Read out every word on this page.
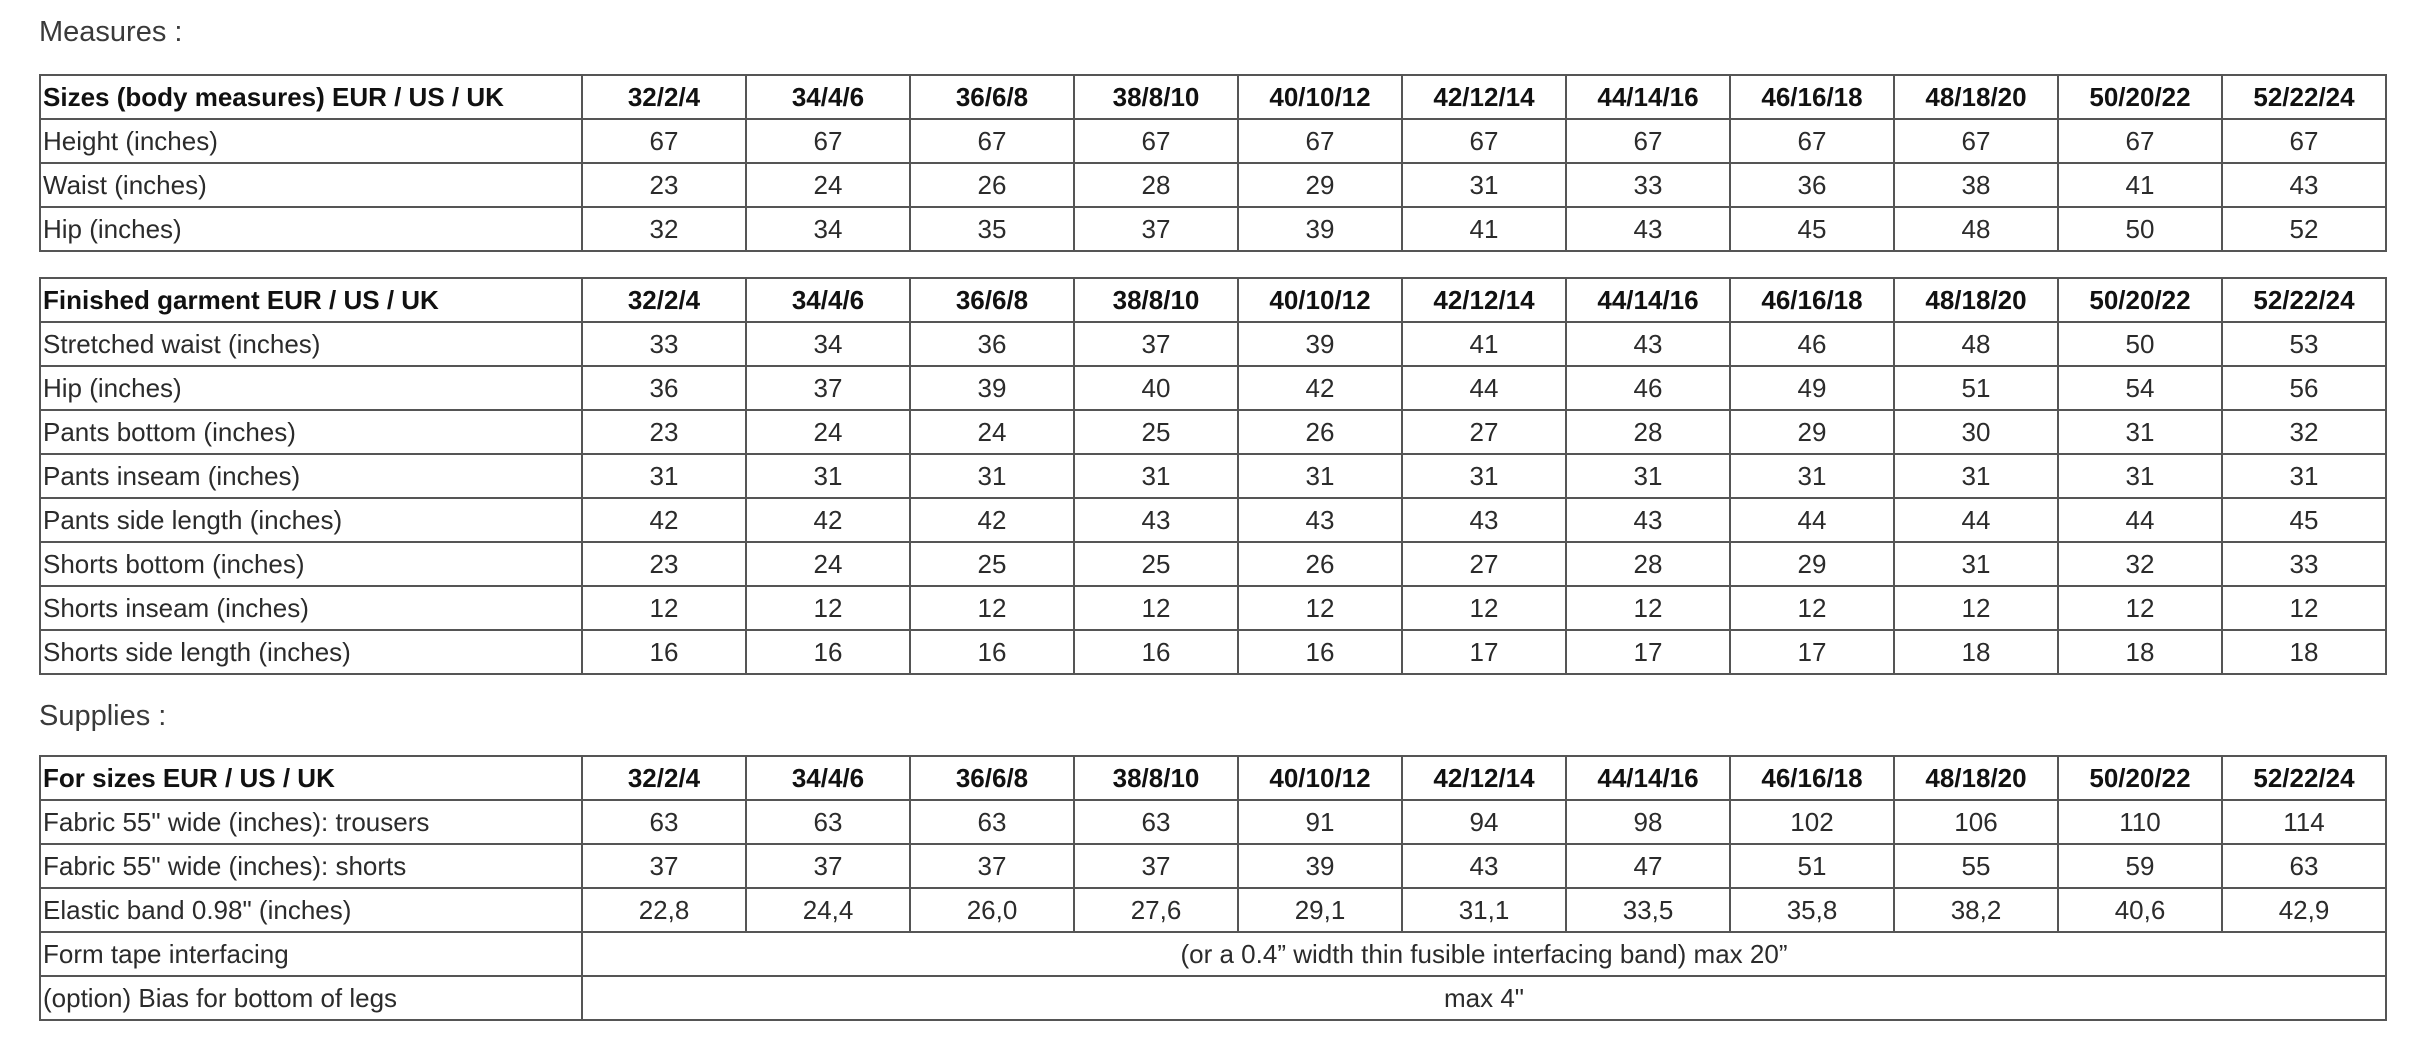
Measures :
Sizes (body measures) EUR / US / UK	32/2/4	34/4/6	36/6/8	38/8/10	40/10/12	42/12/14	44/14/16	46/16/18	48/18/20	50/20/22	52/22/24
Height (inches)	67	67	67	67	67	67	67	67	67	67	67
Waist (inches)	23	24	26	28	29	31	33	36	38	41	43
Hip (inches)	32	34	35	37	39	41	43	45	48	50	52
Finished garment EUR / US / UK	32/2/4	34/4/6	36/6/8	38/8/10	40/10/12	42/12/14	44/14/16	46/16/18	48/18/20	50/20/22	52/22/24
Stretched waist (inches)	33	34	36	37	39	41	43	46	48	50	53
Hip (inches)	36	37	39	40	42	44	46	49	51	54	56
Pants bottom (inches)	23	24	24	25	26	27	28	29	30	31	32
Pants inseam (inches)	31	31	31	31	31	31	31	31	31	31	31
Pants side length (inches)	42	42	42	43	43	43	43	44	44	44	45
Shorts bottom (inches)	23	24	25	25	26	27	28	29	31	32	33
Shorts inseam (inches)	12	12	12	12	12	12	12	12	12	12	12
Shorts side length (inches)	16	16	16	16	16	17	17	17	18	18	18
Supplies :
For sizes EUR / US / UK	32/2/4	34/4/6	36/6/8	38/8/10	40/10/12	42/12/14	44/14/16	46/16/18	48/18/20	50/20/22	52/22/24
Fabric 55" wide (inches): trousers	63	63	63	63	91	94	98	102	106	110	114
Fabric 55" wide (inches): shorts	37	37	37	37	39	43	47	51	55	59	63
Elastic band 0.98" (inches)	22,8	24,4	26,0	27,6	29,1	31,1	33,5	35,8	38,2	40,6	42,9
Form tape interfacing	(or a 0.4” width thin fusible interfacing band) max 20”										
(option) Bias for bottom of legs	max 4"										
